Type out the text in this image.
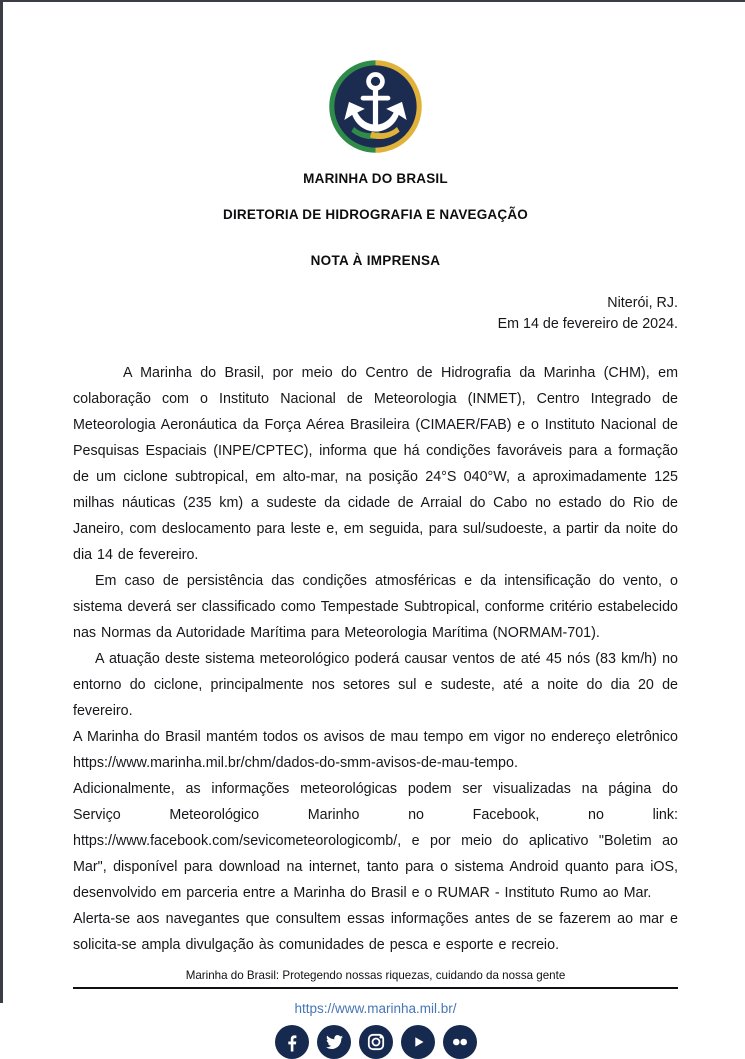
MARINHA DO BRASIL
DIRETORIA DE HIDROGRAFIA E NAVEGAÇÃO
NOTA À IMPRENSA
Niterói, RJ.
Em 14 de fevereiro de 2024.

A Marinha do Brasil, por meio do Centro de Hidrografia da Marinha (CHM), em colaboração com o Instituto Nacional de Meteorologia (INMET), Centro Integrado de Meteorologia Aeronáutica da Força Aérea Brasileira (CIMAER/FAB) e o Instituto Nacional de Pesquisas Espaciais (INPE/CPTEC), informa que há condições favoráveis para a formação de um ciclone subtropical, em alto-mar, na posição 24°S 040°W, a aproximadamente 125 milhas náuticas (235 km) a sudeste da cidade de Arraial do Cabo no estado do Rio de Janeiro, com deslocamento para leste e, em seguida, para sul/sudoeste, a partir da noite do dia 14 de fevereiro.

Em caso de persistência das condições atmosféricas e da intensificação do vento, o sistema deverá ser classificado como Tempestade Subtropical, conforme critério estabelecido nas Normas da Autoridade Marítima para Meteorologia Marítima (NORMAM-701).

A atuação deste sistema meteorológico poderá causar ventos de até 45 nós (83 km/h) no entorno do ciclone, principalmente nos setores sul e sudeste, até a noite do dia 20 de fevereiro.

A Marinha do Brasil mantém todos os avisos de mau tempo em vigor no endereço eletrônico https://www.marinha.mil.br/chm/dados-do-smm-avisos-de-mau-tempo.

Adicionalmente, as informações meteorológicas podem ser visualizadas na página do Serviço Meteorológico Marinho no Facebook, no link: https://www.facebook.com/sevicometeorologicomb/, e por meio do aplicativo "Boletim ao Mar", disponível para download na internet, tanto para o sistema Android quanto para iOS, desenvolvido em parceria entre a Marinha do Brasil e o RUMAR - Instituto Rumo ao Mar.

Alerta-se aos navegantes que consultem essas informações antes de se fazerem ao mar e solicita-se ampla divulgação às comunidades de pesca e esporte e recreio.

Marinha do Brasil: Protegendo nossas riquezas, cuidando da nossa gente
https://www.marinha.mil.br/
